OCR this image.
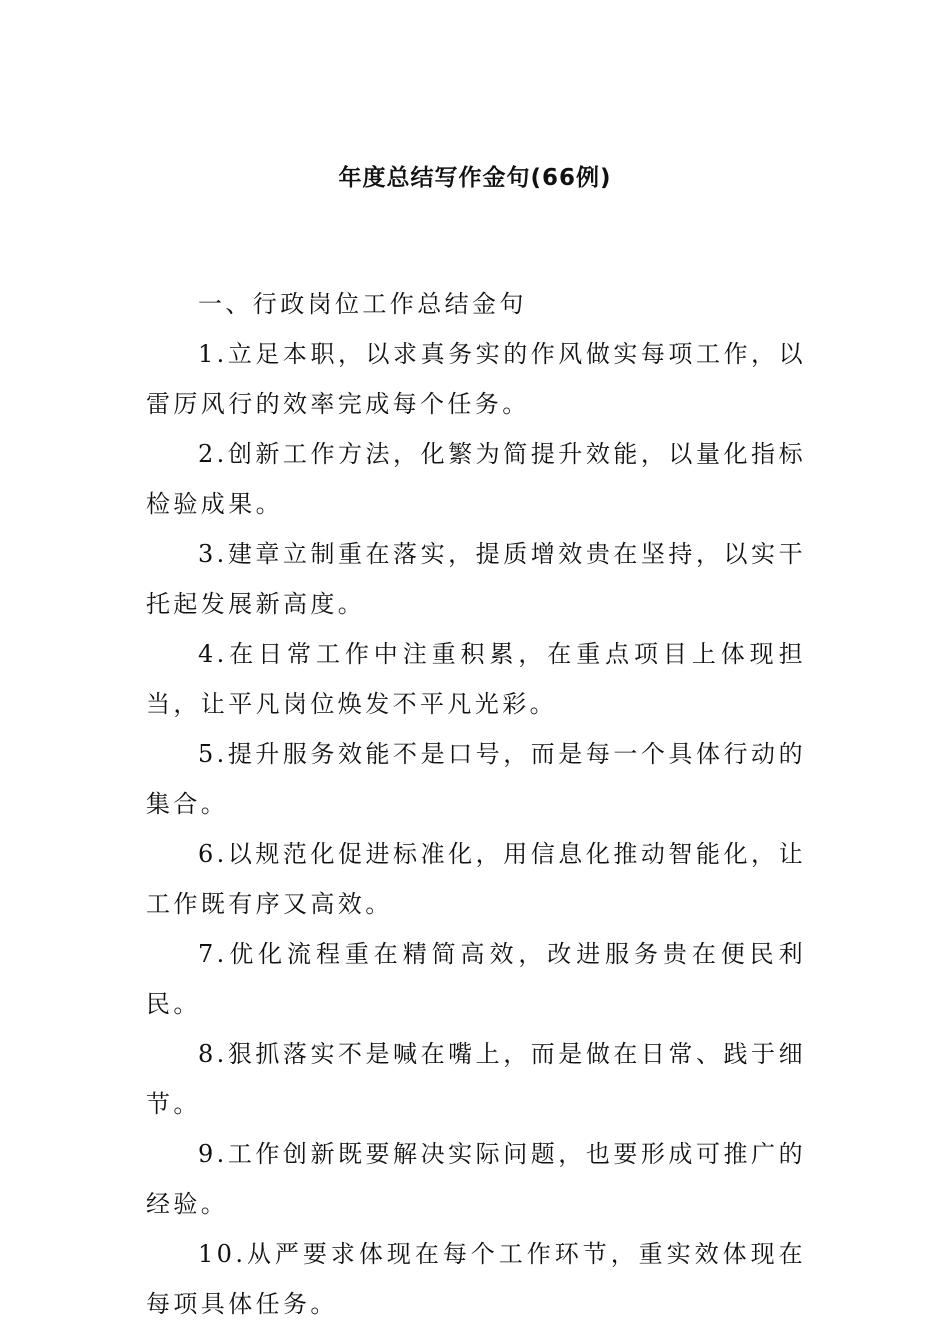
年度总结写作金句(66例)

一、行政岗位工作总结金句

1.立足本职，以求真务实的作风做实每项工作，以雷厉风行的效率完成每个任务。

2.创新工作方法，化繁为简提升效能，以量化指标检验成果。

3.建章立制重在落实，提质增效贵在坚持，以实干托起发展新高度。

4.在日常工作中注重积累，在重点项目上体现担当，让平凡岗位焕发不平凡光彩。

5.提升服务效能不是口号，而是每一个具体行动的集合。

6.以规范化促进标准化，用信息化推动智能化，让工作既有序又高效。

7.优化流程重在精简高效，改进服务贵在便民利民。

8.狠抓落实不是喊在嘴上，而是做在日常、践于细节。

9.工作创新既要解决实际问题，也要形成可推广的经验。

10.从严要求体现在每个工作环节，重实效体现在每项具体任务。
